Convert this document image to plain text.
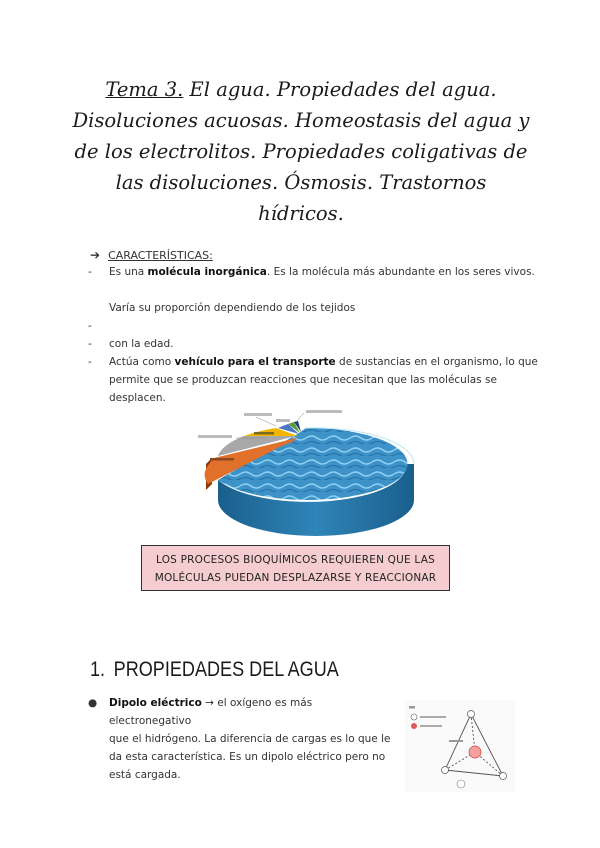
Tema 3. El agua. Propiedades del agua. Disoluciones acuosas. Homeostasis del agua y de los electrolitos. Propiedades coligativas de las disoluciones. Ósmosis. Trastornos hídricos.
➔ CARACTERÍSTICAS:
- Es una molécula inorgánica. Es la molécula más abundante en los seres vivos.
Varía su proporción dependiendo de los tejidos
-
- con la edad.
- Actúa como vehículo para el transporte de sustancias en el organismo, lo que
permite que se produzcan reacciones que necesitan que las moléculas se
desplacen.
LOS PROCESOS BIOQUÍMICOS REQUIEREN QUE LAS
MOLÉCULAS PUEDAN DESPLAZARSE Y REACCIONAR
1. PROPIEDADES DEL AGUA
● Dipolo eléctrico → el oxígeno es más electronegativo
que el hidrógeno. La diferencia de cargas es lo que le
da esta característica. Es un dipolo eléctrico pero no
está cargada.
